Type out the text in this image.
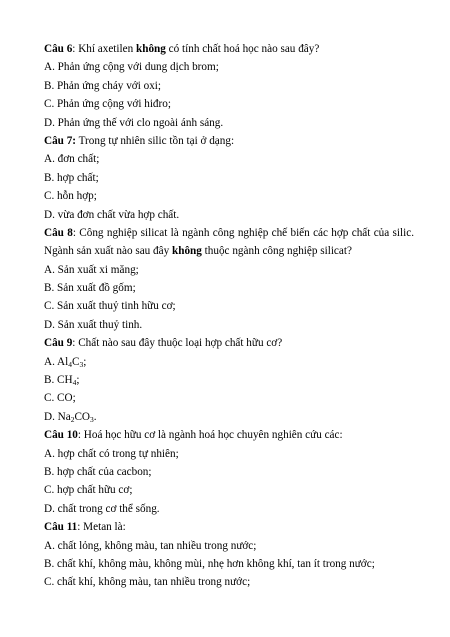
Câu 6: Khí axetilen không có tính chất hoá học nào sau đây?
A. Phản ứng cộng với dung dịch brom;
B. Phản ứng cháy với oxi;
C. Phản ứng cộng với hiđro;
D. Phản ứng thế với clo ngoài ánh sáng.
Câu 7: Trong tự nhiên silic tồn tại ở dạng:
A. đơn chất;
B. hợp chất;
C. hỗn hợp;
D. vừa đơn chất vừa hợp chất.
Câu 8: Công nghiệp silicat là ngành công nghiệp chế biến các hợp chất của silic.
Ngành sản xuất nào sau đây không thuộc ngành công nghiệp silicat?
A. Sản xuất xi măng;
B. Sản xuất đồ gốm;
C. Sản xuất thuỷ tinh hữu cơ;
D. Sản xuất thuỷ tinh.
Câu 9: Chất nào sau đây thuộc loại hợp chất hữu cơ?
A. $Al_4C_3$;
B. $CH_4$;
C. CO;
D. $Na_2CO_3$.
Câu 10: Hoá học hữu cơ là ngành hoá học chuyên nghiên cứu các:
A. hợp chất có trong tự nhiên;
B. hợp chất của cacbon;
C. hợp chất hữu cơ;
D. chất trong cơ thể sống.
Câu 11: Metan là:
A. chất lỏng, không màu, tan nhiều trong nước;
B. chất khí, không màu, không mùi, nhẹ hơn không khí, tan ít trong nước;
C. chất khí, không màu, tan nhiều trong nước;
